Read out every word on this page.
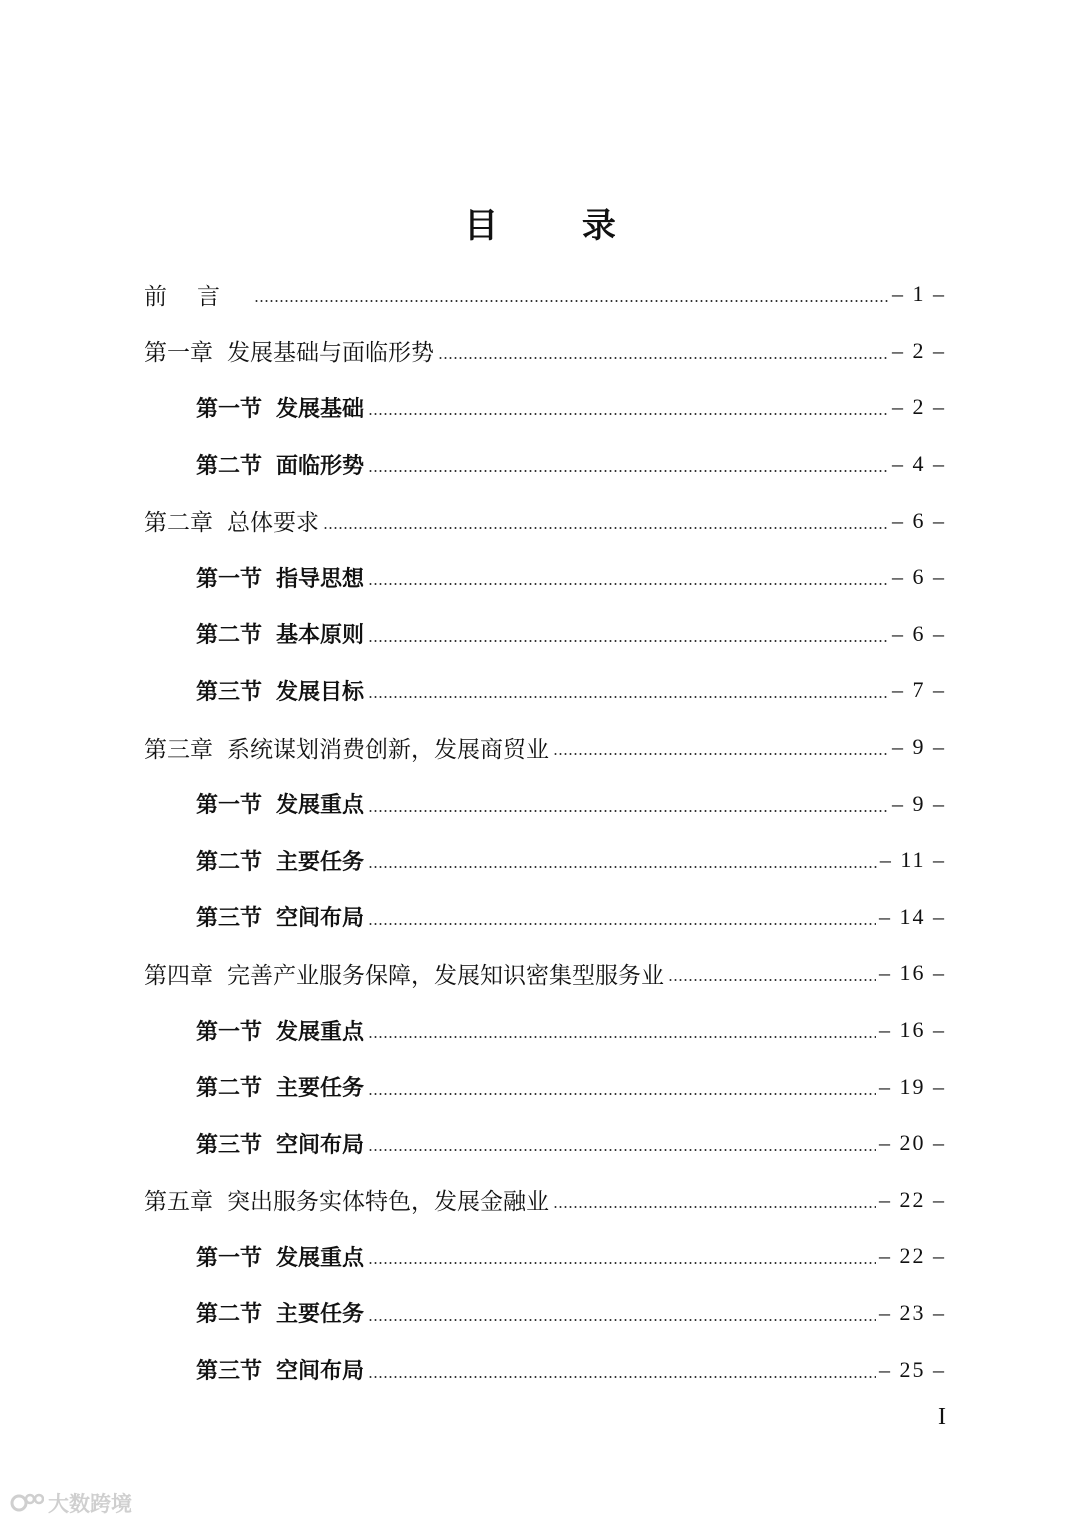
目 录
前言	– 1 –
第一章 发展基础与面临形势	– 2 –
第一节 发展基础	– 2 –
第二节 面临形势	– 4 –
第二章 总体要求	– 6 –
第一节 指导思想	– 6 –
第二节 基本原则	– 6 –
第三节 发展目标	– 7 –
第三章 系统谋划消费创新，发展商贸业	– 9 –
第一节 发展重点	– 9 –
第二节 主要任务	– 11 –
第三节 空间布局	– 14 –
第四章 完善产业服务保障，发展知识密集型服务业	– 16 –
第一节 发展重点	– 16 –
第二节 主要任务	– 19 –
第三节 空间布局	– 20 –
第五章 突出服务实体特色，发展金融业	– 22 –
第一节 发展重点	– 22 –
第二节 主要任务	– 23 –
第三节 空间布局	– 25 –
I
大数跨境
